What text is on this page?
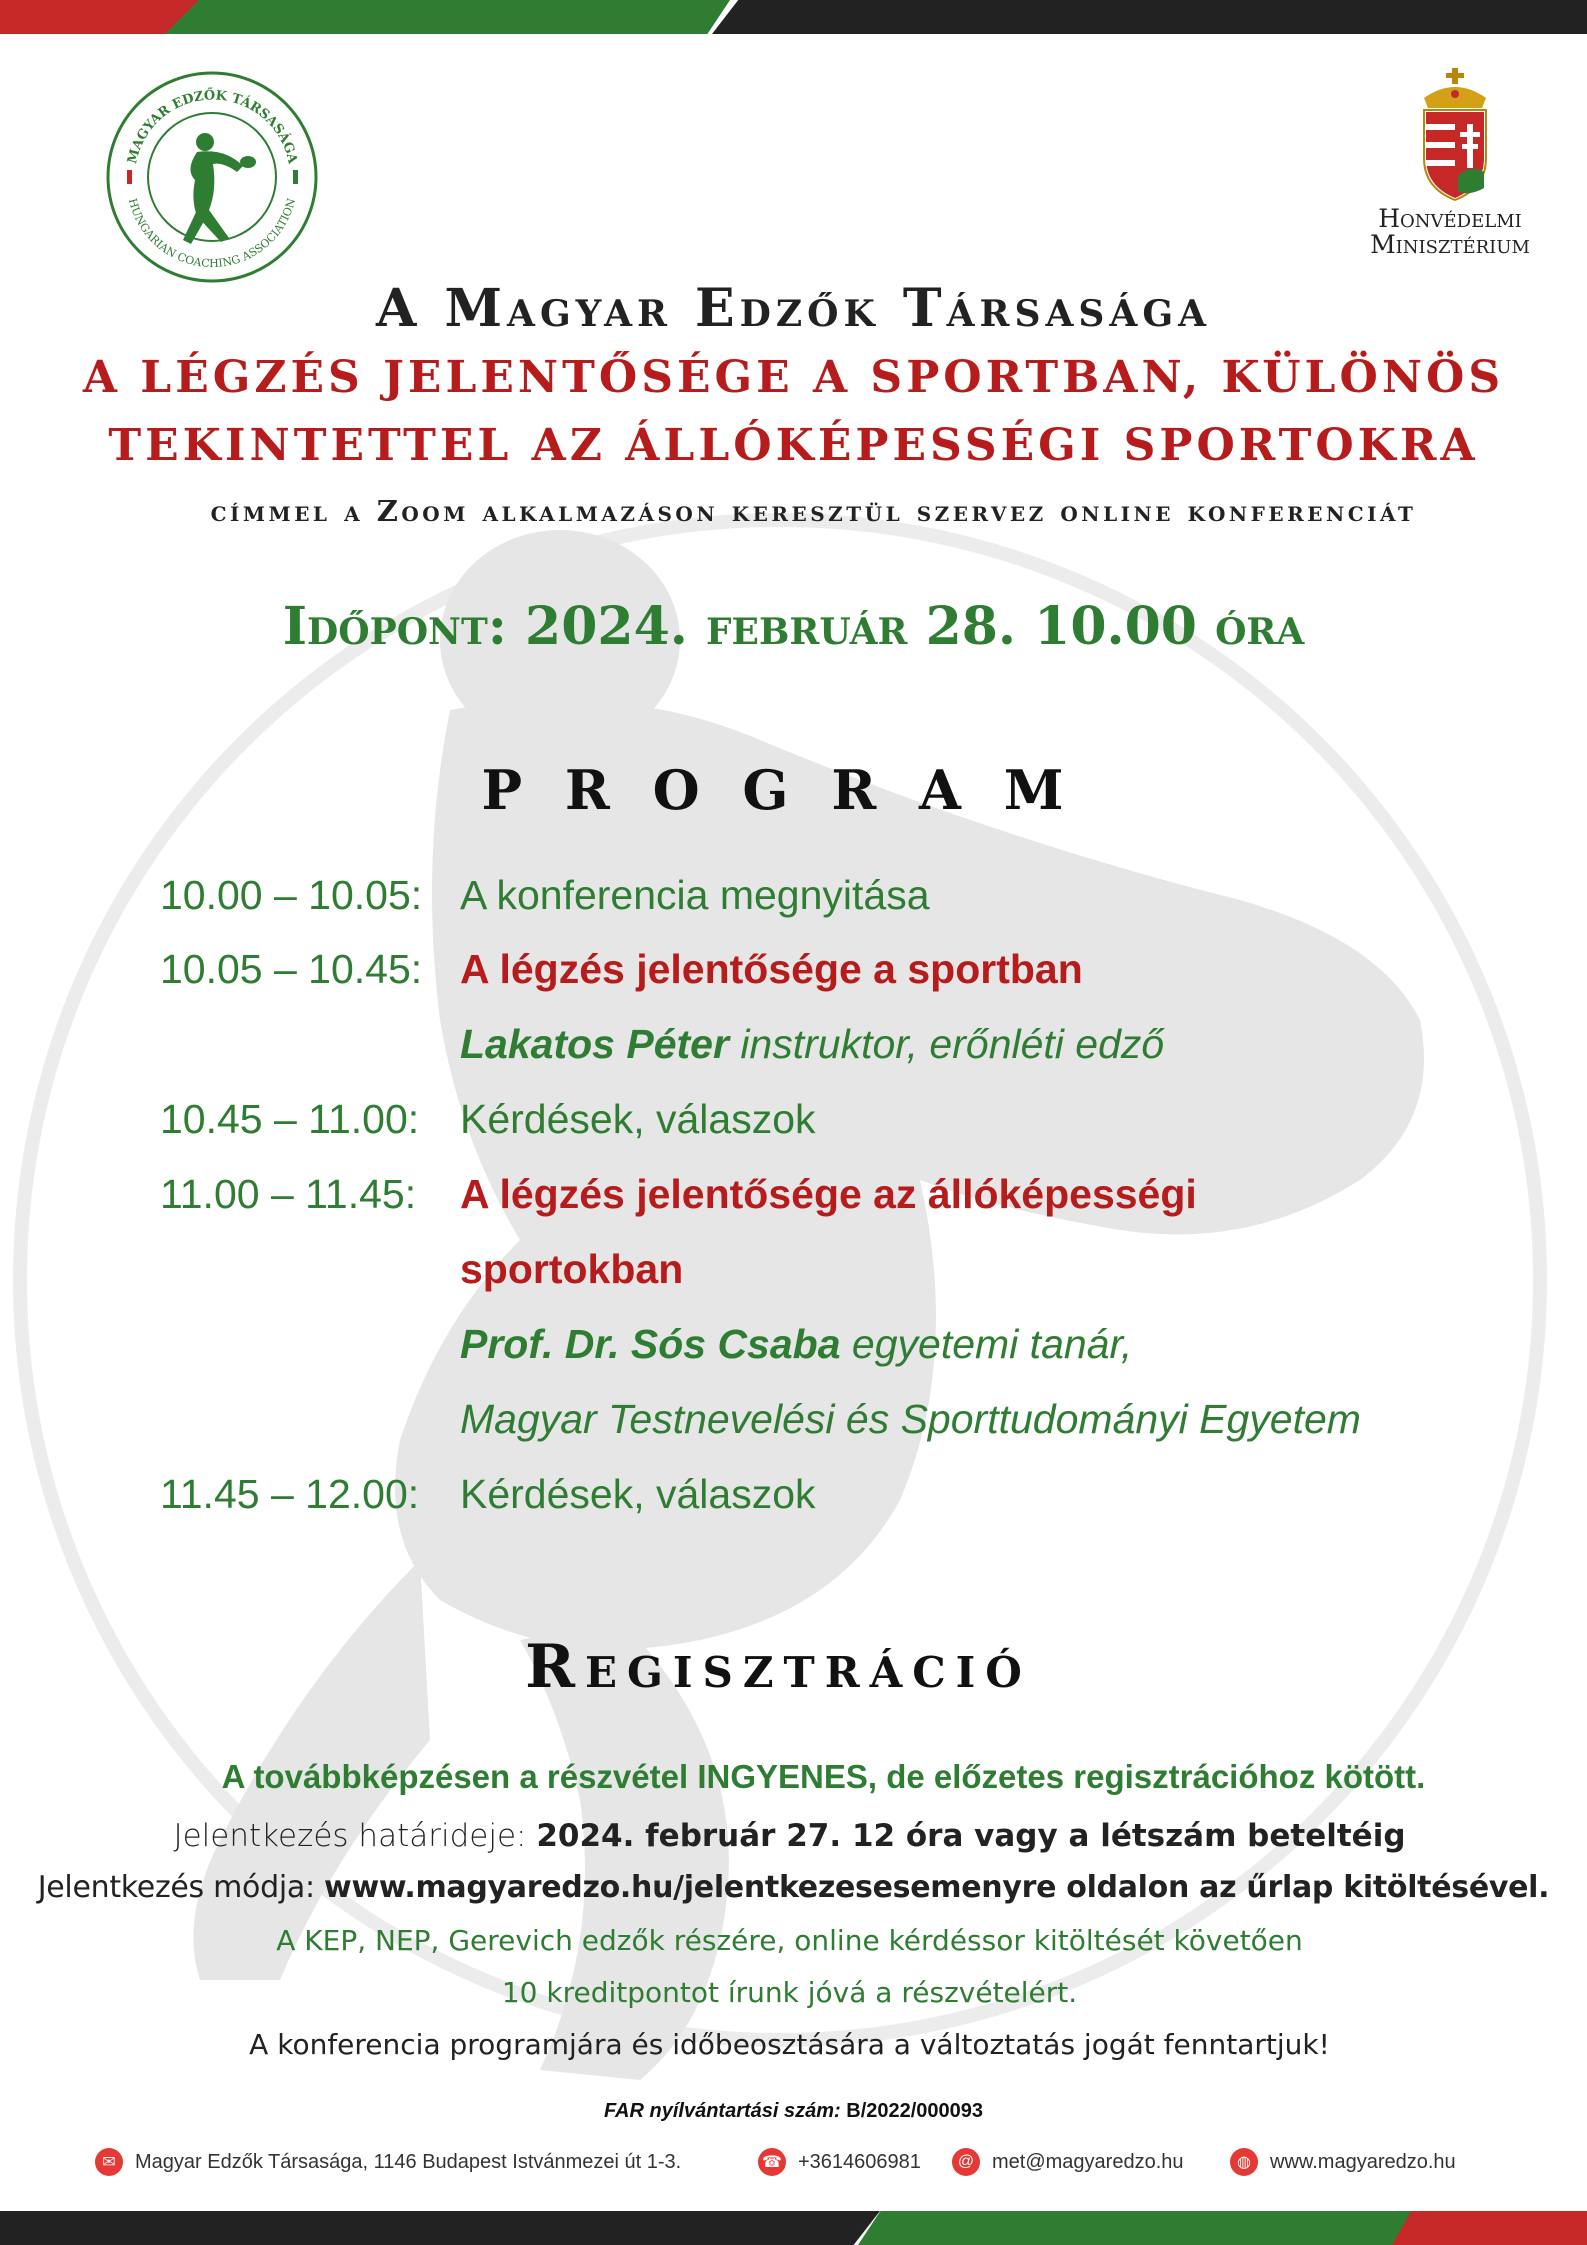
MAGYAR EDZŐK TÁRSASÁGA
HUNGARIAN COACHING ASSOCIATION
Honvédelmi
Minisztérium
A Magyar Edzők Társasága
A LÉGZÉS JELENTŐSÉGE A SPORTBAN, KÜLÖNÖS
TEKINTETTEL AZ ÁLLÓKÉPESSÉGI SPORTOKRA
címmel a Zoom alkalmazáson keresztül szervez online konferenciát
Időpont: 2024. február 28. 10.00 óra
P R O G R A M
10.00 – 10.05: A konferencia megnyitása
10.05 – 10.45: A légzés jelentősége a sportban
Lakatos Péter instruktor, erőnléti edző
10.45 – 11.00: Kérdések, válaszok
11.00 – 11.45: A légzés jelentősége az állóképességi
sportokban
Prof. Dr. Sós Csaba egyetemi tanár,
Magyar Testnevelési és Sporttudományi Egyetem
11.45 – 12.00: Kérdések, válaszok
Regisztráció
A továbbképzésen a részvétel INGYENES, de előzetes regisztrációhoz kötött.
Jelentkezés határideje: 2024. február 27. 12 óra vagy a létszám beteltéig
Jelentkezés módja: www.magyaredzo.hu/jelentkezesesemenyre oldalon az űrlap kitöltésével.
A KEP, NEP, Gerevich edzők részére, online kérdéssor kitöltését követően
10 kreditpontot írunk jóvá a részvételért.
A konferencia programjára és időbeosztására a változtatás jogát fenntartjuk!
FAR nyílvántartási szám: B/2022/000093
✉ Magyar Edzők Társasága, 1146 Budapest Istvánmezei út 1-3.	☎ +3614606981	@ met@magyaredzo.hu	◍ www.magyaredzo.hu
